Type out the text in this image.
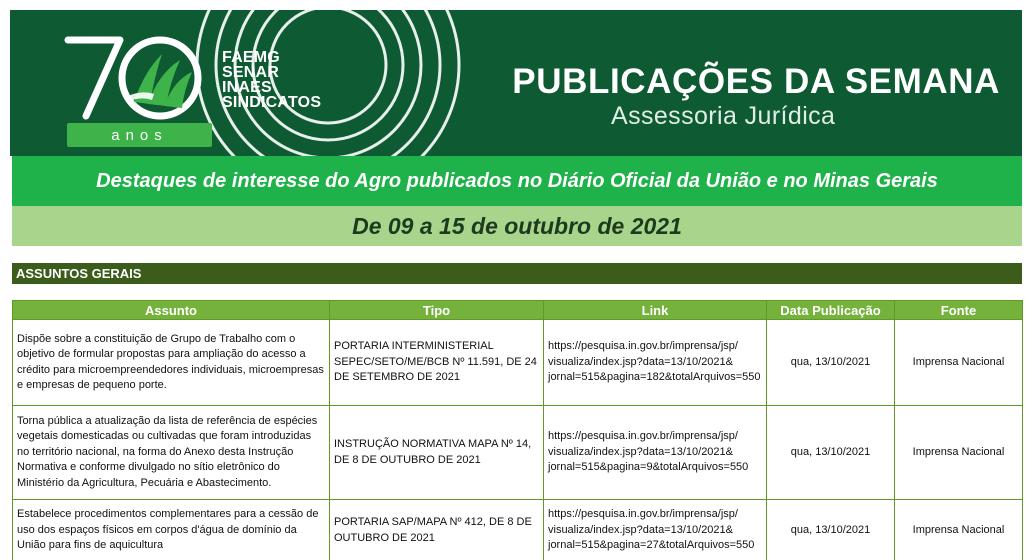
FAEMG
SENAR
INAES
SINDICATOS
anos
PUBLICAÇÕES DA SEMANA
Assessoria Jurídica
Destaques de interesse do Agro publicados no Diário Oficial da União e no Minas Gerais
De 09 a 15 de outubro de 2021
ASSUNTOS GERAIS
Assunto	Tipo	Link	Data Publicação	Fonte
Dispõe sobre a constituição de Grupo de Trabalho com o objetivo de formular propostas para ampliação do acesso a crédito para microempreendedores individuais, microempresas e empresas de pequeno porte.	PORTARIA INTERMINISTERIAL SEPEC/SETO/ME/BCB Nº 11.591, DE 24 DE SETEMBRO DE 2021	https:/​/​pesquisa.​in.​gov.​br/​imprensa/​jsp/​visualiza/​index.​jsp?​data=​13/​10/​2021&​jornal=​515&​pagina=​182&​totalArquivos=​550	qua, 13/10/2021	Imprensa Nacional
Torna pública a atualização da lista de referência de espécies vegetais domesticadas ou cultivadas que foram introduzidas no território nacional, na forma do Anexo desta Instrução Normativa e conforme divulgado no sítio eletrônico do Ministério da Agricultura, Pecuária e Abastecimento.	INSTRUÇÃO NORMATIVA MAPA Nº 14, DE 8 DE OUTUBRO DE 2021	https:/​/​pesquisa.​in.​gov.​br/​imprensa/​jsp/​visualiza/​index.​jsp?​data=​13/​10/​2021&​jornal=​515&​pagina=​9&​totalArquivos=​550	qua, 13/10/2021	Imprensa Nacional
Estabelece procedimentos complementares para a cessão de uso dos espaços físicos em corpos d'água de domínio da União para fins de aquicultura	PORTARIA SAP/MAPA Nº 412, DE 8 DE OUTUBRO DE 2021	https:/​/​pesquisa.​in.​gov.​br/​imprensa/​jsp/​visualiza/​index.​jsp?​data=​13/​10/​2021&​jornal=​515&​pagina=​27&​totalArquivos=​550	qua, 13/10/2021	Imprensa Nacional
